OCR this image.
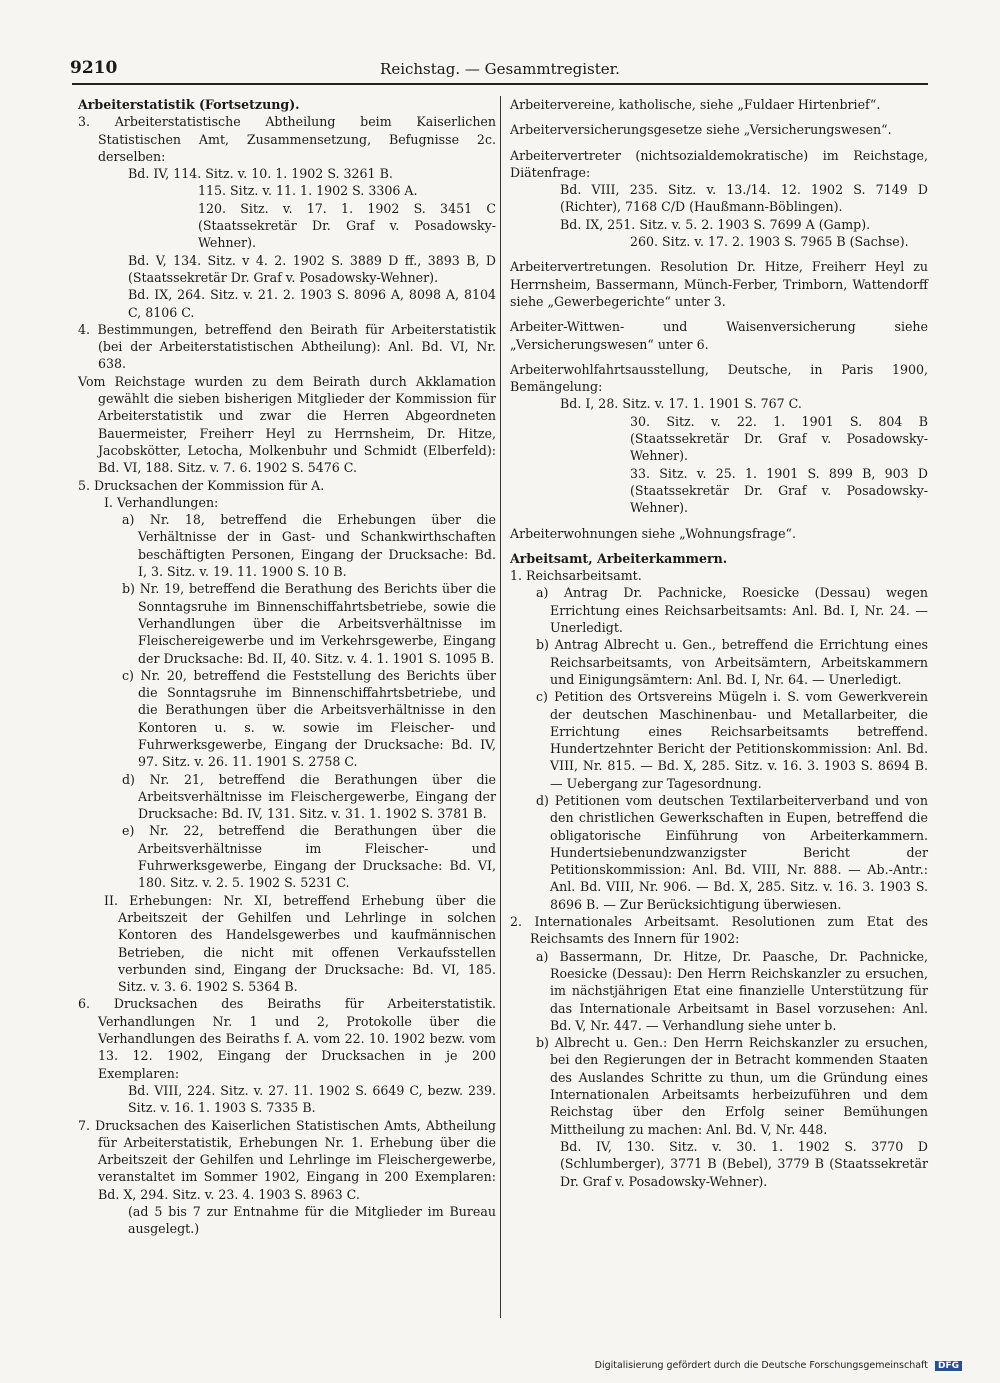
9210	Reichstag. — Gesammtregister.

Arbeiterstatistik (Fortsetzung).

3. Arbeiterstatistische Abtheilung beim Kaiserlichen Statistischen Amt, Zusammensetzung, Befugnisse 2c. derselben:

Bd. IV, 114. Sitz. v. 10. 1. 1902 S. 3261 B.

115. Sitz. v. 11. 1. 1902 S. 3306 A.

120. Sitz. v. 17. 1. 1902 S. 3451 C (Staatssekretär Dr. Graf v. Posadowsky-Wehner).

Bd. V, 134. Sitz. v 4. 2. 1902 S. 3889 D ff., 3893 B, D (Staatssekretär Dr. Graf v. Posadowsky-Wehner).

Bd. IX, 264. Sitz. v. 21. 2. 1903 S. 8096 A, 8098 A, 8104 C, 8106 C.

4. Bestimmungen, betreffend den Beirath für Arbeiterstatistik (bei der Arbeiterstatistischen Abtheilung): Anl. Bd. VI, Nr. 638.

Vom Reichstage wurden zu dem Beirath durch Akklamation gewählt die sieben bisherigen Mitglieder der Kommission für Arbeiterstatistik und zwar die Herren Abgeordneten Bauermeister, Freiherr Heyl zu Herrnsheim, Dr. Hitze, Jacobskötter, Letocha, Molkenbuhr und Schmidt (Elberfeld): Bd. VI, 188. Sitz. v. 7. 6. 1902 S. 5476 C.

5. Drucksachen der Kommission für A.

I. Verhandlungen:

a) Nr. 18, betreffend die Erhebungen über die Verhältnisse der in Gast- und Schankwirthschaften beschäftigten Personen, Eingang der Drucksache: Bd. I, 3. Sitz. v. 19. 11. 1900 S. 10 B.

b) Nr. 19, betreffend die Berathung des Berichts über die Sonntagsruhe im Binnenschiffahrtsbetriebe, sowie die Verhandlungen über die Arbeitsverhältnisse im Fleischereigewerbe und im Verkehrsgewerbe, Eingang der Drucksache: Bd. II, 40. Sitz. v. 4. 1. 1901 S. 1095 B.

c) Nr. 20, betreffend die Feststellung des Berichts über die Sonntagsruhe im Binnenschiffahrtsbetriebe, und die Berathungen über die Arbeitsverhältnisse in den Kontoren u. s. w. sowie im Fleischer- und Fuhrwerksgewerbe, Eingang der Drucksache: Bd. IV, 97. Sitz. v. 26. 11. 1901 S. 2758 C.

d) Nr. 21, betreffend die Berathungen über die Arbeitsverhältnisse im Fleischergewerbe, Eingang der Drucksache: Bd. IV, 131. Sitz. v. 31. 1. 1902 S. 3781 B.

e) Nr. 22, betreffend die Berathungen über die Arbeitsverhältnisse im Fleischer- und Fuhrwerksgewerbe, Eingang der Drucksache: Bd. VI, 180. Sitz. v. 2. 5. 1902 S. 5231 C.

II. Erhebungen: Nr. XI, betreffend Erhebung über die Arbeitszeit der Gehilfen und Lehrlinge in solchen Kontoren des Handelsgewerbes und kaufmännischen Betrieben, die nicht mit offenen Verkaufsstellen verbunden sind, Eingang der Drucksache: Bd. VI, 185. Sitz. v. 3. 6. 1902 S. 5364 B.

6. Drucksachen des Beiraths für Arbeiterstatistik. Verhandlungen Nr. 1 und 2, Protokolle über die Verhandlungen des Beiraths f. A. vom 22. 10. 1902 bezw. vom 13. 12. 1902, Eingang der Drucksachen in je 200 Exemplaren:

Bd. VIII, 224. Sitz. v. 27. 11. 1902 S. 6649 C, bezw. 239. Sitz. v. 16. 1. 1903 S. 7335 B.

7. Drucksachen des Kaiserlichen Statistischen Amts, Abtheilung für Arbeiterstatistik, Erhebungen Nr. 1. Erhebung über die Arbeitszeit der Gehilfen und Lehrlinge im Fleischergewerbe, veranstaltet im Sommer 1902, Eingang in 200 Exemplaren: Bd. X, 294. Sitz. v. 23. 4. 1903 S. 8963 C.

(ad 5 bis 7 zur Entnahme für die Mitglieder im Bureau ausgelegt.)

Arbeitervereine, katholische, siehe „Fuldaer Hirtenbrief“.

Arbeiterversicherungsgesetze siehe „Versicherungswesen“.

Arbeitervertreter (nichtsozialdemokratische) im Reichstage, Diätenfrage:

Bd. VIII, 235. Sitz. v. 13./14. 12. 1902 S. 7149 D (Richter), 7168 C/D (Haußmann-Böblingen).

Bd. IX, 251. Sitz. v. 5. 2. 1903 S. 7699 A (Gamp).

260. Sitz. v. 17. 2. 1903 S. 7965 B (Sachse).

Arbeitervertretungen. Resolution Dr. Hitze, Freiherr Heyl zu Herrnsheim, Bassermann, Münch-Ferber, Trimborn, Wattendorff siehe „Gewerbegerichte“ unter 3.

Arbeiter-Wittwen- und Waisenversicherung siehe „Versicherungswesen“ unter 6.

Arbeiterwohlfahrtsausstellung, Deutsche, in Paris 1900, Bemängelung:

Bd. I, 28. Sitz. v. 17. 1. 1901 S. 767 C.

30. Sitz. v. 22. 1. 1901 S. 804 B (Staatssekretär Dr. Graf v. Posadowsky-Wehner).

33. Sitz. v. 25. 1. 1901 S. 899 B, 903 D (Staatssekretär Dr. Graf v. Posadowsky-Wehner).

Arbeiterwohnungen siehe „Wohnungsfrage“.

Arbeitsamt, Arbeiterkammern.

1. Reichsarbeitsamt.

a) Antrag Dr. Pachnicke, Roesicke (Dessau) wegen Errichtung eines Reichsarbeitsamts: Anl. Bd. I, Nr. 24. — Unerledigt.

b) Antrag Albrecht u. Gen., betreffend die Errichtung eines Reichsarbeitsamts, von Arbeitsämtern, Arbeitskammern und Einigungsämtern: Anl. Bd. I, Nr. 64. — Unerledigt.

c) Petition des Ortsvereins Mügeln i. S. vom Gewerkverein der deutschen Maschinenbau- und Metallarbeiter, die Errichtung eines Reichsarbeitsamts betreffend. Hundertzehnter Bericht der Petitionskommission: Anl. Bd. VIII, Nr. 815. — Bd. X, 285. Sitz. v. 16. 3. 1903 S. 8694 B. — Uebergang zur Tagesordnung.

d) Petitionen vom deutschen Textilarbeiterverband und von den christlichen Gewerkschaften in Eupen, betreffend die obligatorische Einführung von Arbeiterkammern. Hundertsiebenundzwanzigster Bericht der Petitionskommission: Anl. Bd. VIII, Nr. 888. — Ab.-Antr.: Anl. Bd. VIII, Nr. 906. — Bd. X, 285. Sitz. v. 16. 3. 1903 S. 8696 B. — Zur Berücksichtigung überwiesen.

2. Internationales Arbeitsamt. Resolutionen zum Etat des Reichsamts des Innern für 1902:

a) Bassermann, Dr. Hitze, Dr. Paasche, Dr. Pachnicke, Roesicke (Dessau): Den Herrn Reichskanzler zu ersuchen, im nächstjährigen Etat eine finanzielle Unterstützung für das Internationale Arbeitsamt in Basel vorzusehen: Anl. Bd. V, Nr. 447. — Verhandlung siehe unter b.

b) Albrecht u. Gen.: Den Herrn Reichskanzler zu ersuchen, bei den Regierungen der in Betracht kommenden Staaten des Auslandes Schritte zu thun, um die Gründung eines Internationalen Arbeitsamts herbeizuführen und dem Reichstag über den Erfolg seiner Bemühungen Mittheilung zu machen: Anl. Bd. V, Nr. 448.

Bd. IV, 130. Sitz. v. 30. 1. 1902 S. 3770 D (Schlumberger), 3771 B (Bebel), 3779 B (Staatssekretär Dr. Graf v. Posadowsky-Wehner).

Digitalisierung gefördert durch die Deutsche Forschungsgemeinschaft DFG
